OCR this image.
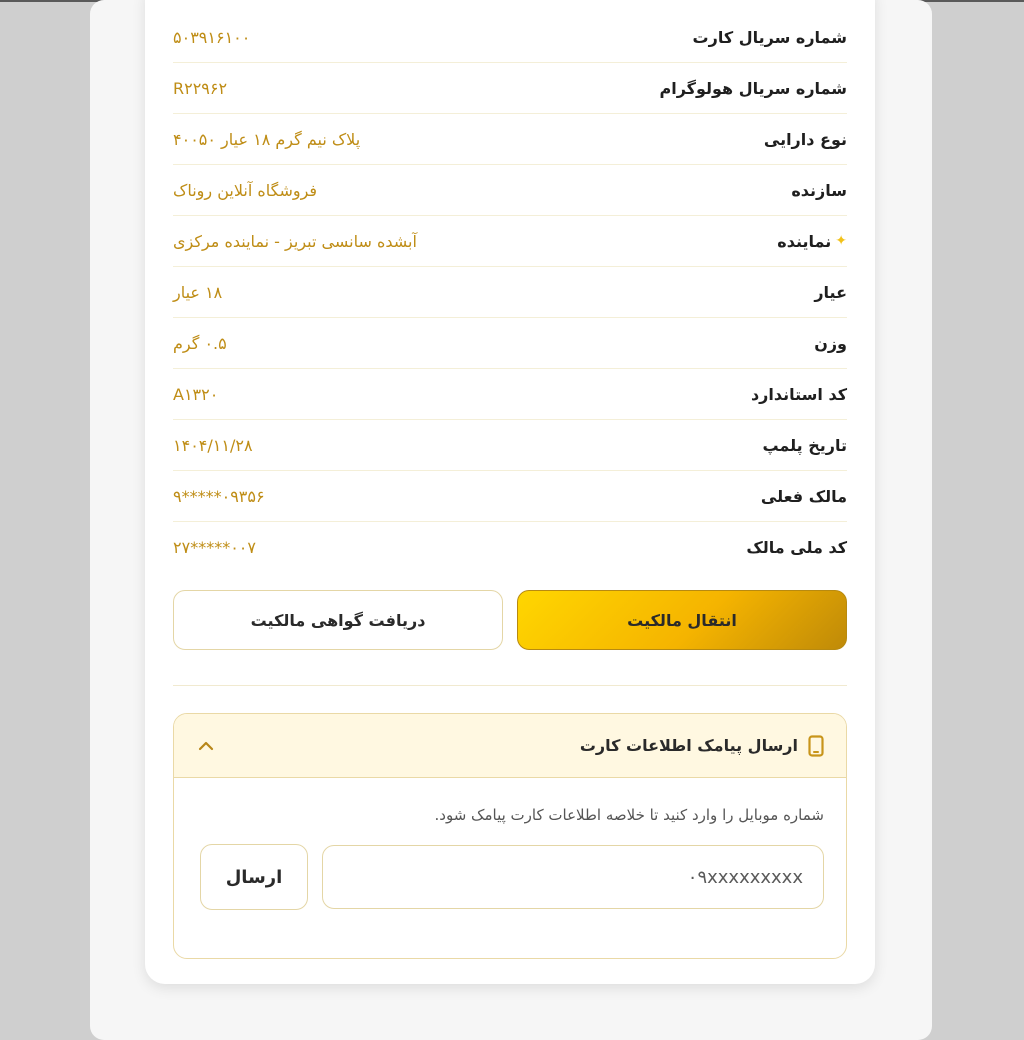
شماره سریال کارت
۵۰۳۹۱۶۱۰۰
شماره سریال هولوگرام
R۲۲۹۶۲
نوع دارایی
پلاک نیم گرم ۱۸ عیار ۴۰۰۵۰
سازنده
فروشگاه آنلاین روناک
✦
نماینده
آبشده سانسی تبریز - نماینده مرکزی
عیار
۱۸ عیار
وزن
۰.۵ گرم
کد استاندارد
A۱۳۲۰
تاریخ پلمپ
۱۴۰۴/۱۱/۲۸
مالک فعلی
۰۹۳۵۶*****۹
کد ملی مالک
۰۰۷*****۲۷
انتقال مالکیت
دریافت گواهی مالکیت
ارسال پیامک اطلاعات کارت
شماره موبایل را وارد کنید تا خلاصه اطلاعات کارت پیامک شود.
۰۹xxxxxxxxx
ارسال
